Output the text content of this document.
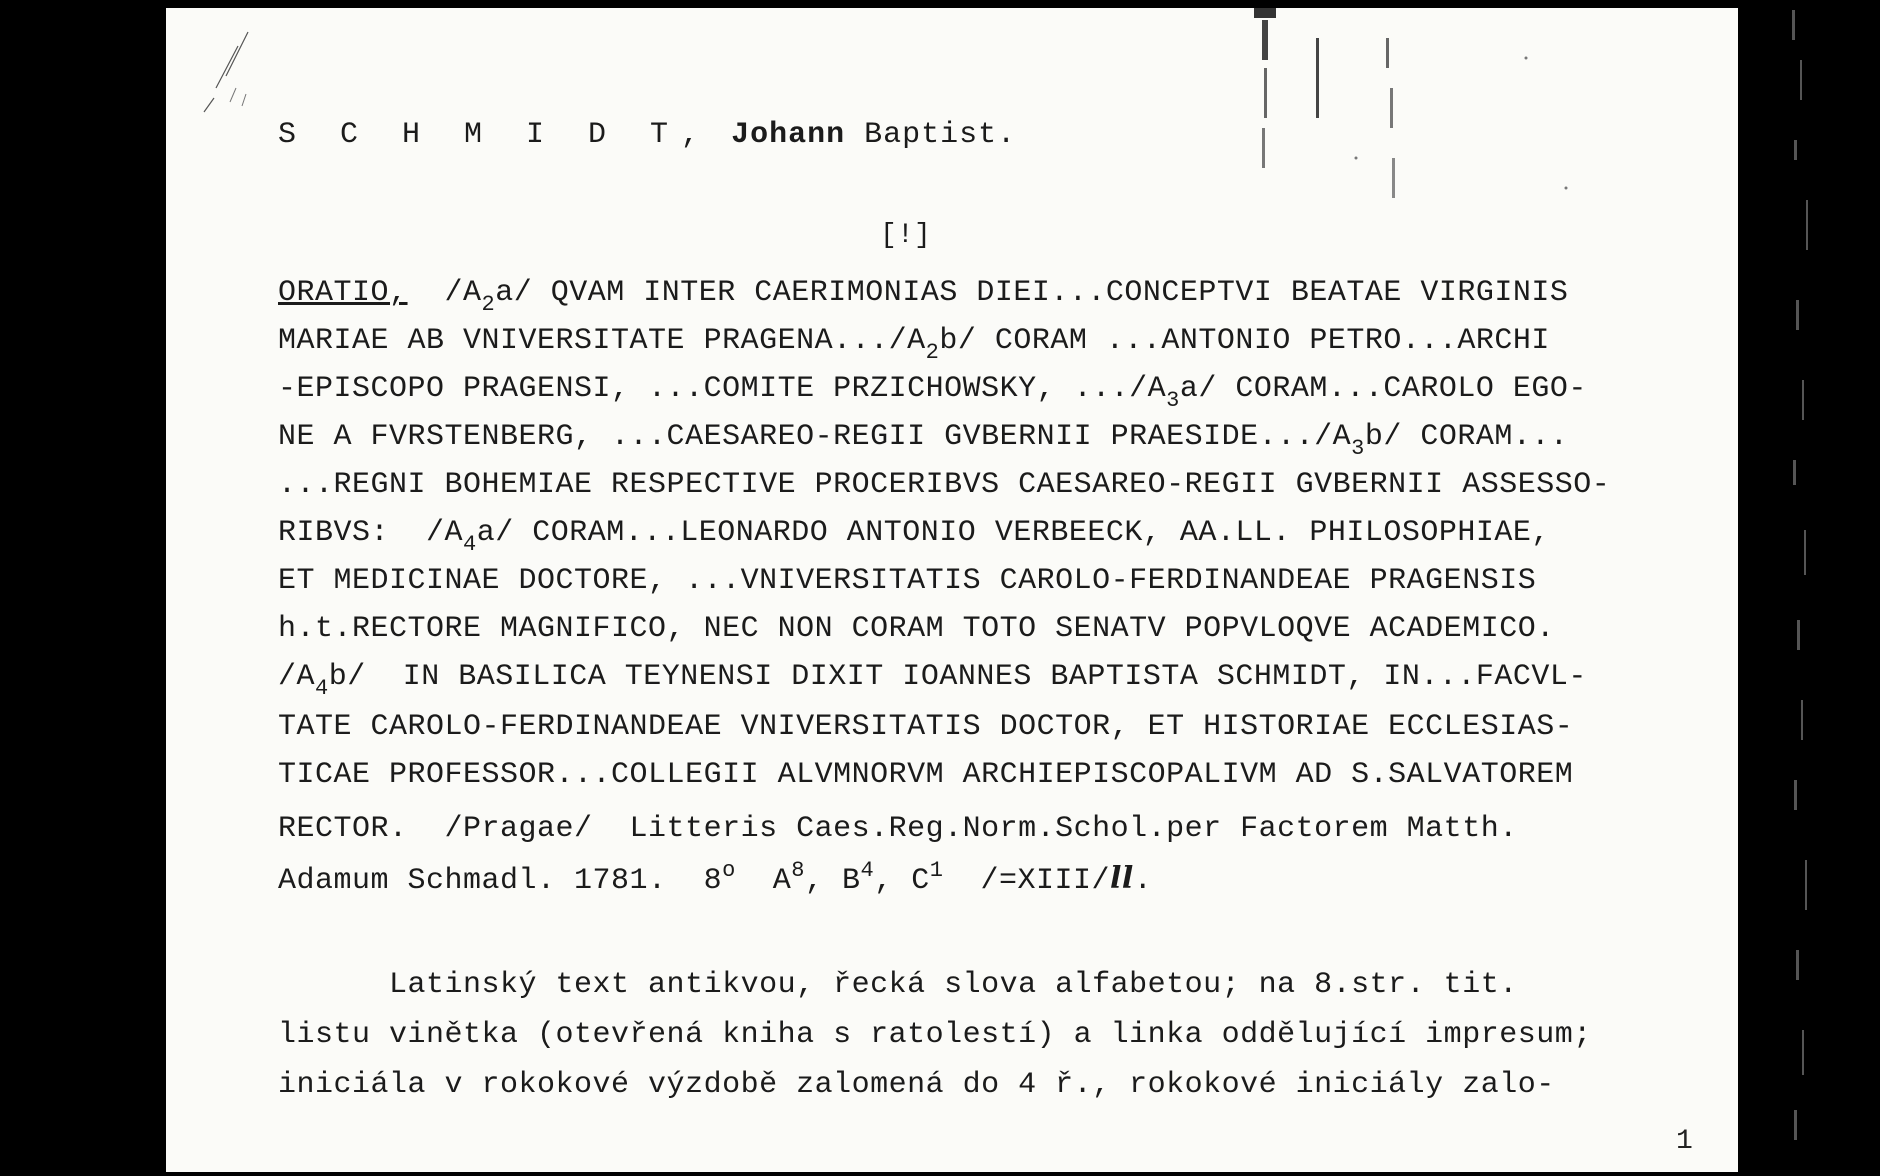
S C H M I D T, Johann Baptist.
[!]
ORATIO,  $/A_2a/$ QVAM INTER CAERIMONIAS DIEI...CONCEPTVI BEATAE VIRGINIS
MARIAE AB VNIVERSITATE $PRAGENA.../A_2b/$ CORAM ...ANTONIO PETRO...ARCHI
-EPISCOPO PRAGENSI, ...COMITE PRZICHOWSKY, $.../A_3a/$ CORAM...CAROLO EGO-
NE A FVRSTENBERG, ...CAESAREO-REGII GVBERNII $PRAESIDE.../A_3b/$ CORAM...
...REGNI BOHEMIAE RESPECTIVE PROCERIBVS CAESAREO-REGII GVBERNII ASSESSO-
RIBVS:  $/A_4a/$ CORAM...LEONARDO ANTONIO VERBEECK, AA.LL. PHILOSOPHIAE,
ET MEDICINAE DOCTORE, ...VNIVERSITATIS CAROLO-FERDINANDEAE PRAGENSIS
h.t.RECTORE MAGNIFICO, NEC NON CORAM TOTO SENATV POPVLOQVE ACADEMICO.
$/A_4b/$  IN BASILICA TEYNENSI DIXIT IOANNES BAPTISTA SCHMIDT, IN...FACVL-
TATE CAROLO-FERDINANDEAE VNIVERSITATIS DOCTOR, ET HISTORIAE ECCLESIAS-
TICAE PROFESSOR...COLLEGII ALVMNORVM ARCHIEPISCOPALIVM AD S.SALVATOREM
RECTOR.  /Pragae/  Litteris Caes.Reg.Norm.Schol.per Factorem Matth.
Adamum Schmadl. 1781.  8$^o$  $A^8$, $B^4$, $C^1$  /=XIII/ll.
Latinský text antikvou, řecká slova alfabetou; na 8.str. tit.
listu vinětka (otevřená kniha s ratolestí) a linka oddělující impresum;
iniciála v rokokové výzdobě zalomená do 4 ř., rokokové iniciály zalo-
1
